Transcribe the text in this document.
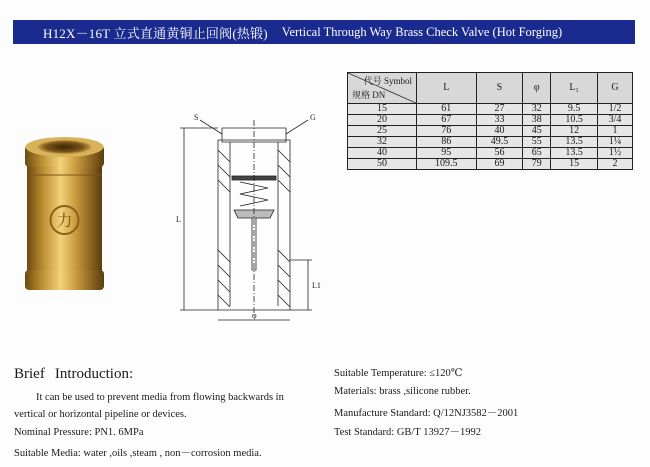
H12X－16T 立式直通黄铜止回阀(热锻)	Vertical Through Way Brass Check Valve (Hot Forging)
力
S	G
L
L1
φ
代号 Symbol
规格 DN	L	S	φ	L₁	G
15	61	27	32	9.5	1/2
20	67	33	38	10.5	3/4
25	76	40	45	12	1
32	86	49.5	55	13.5	1¼
40	95	56	65	13.5	1½
50	109.5	69	79	15	2
Brief Introduction:
It can be used to prevent media from flowing backwards in
vertical or horizontal pipeline or devices.
Nominal Pressure: PN1. 6MPa
Suitable Media: water ,oils ,steam , non－corrosion media.
Suitable Temperature: ≤120℃
Materials: brass ,silicone rubber.
Manufacture Standard: Q/12NJ3582－2001
Test Standard: GB/T 13927－1992
